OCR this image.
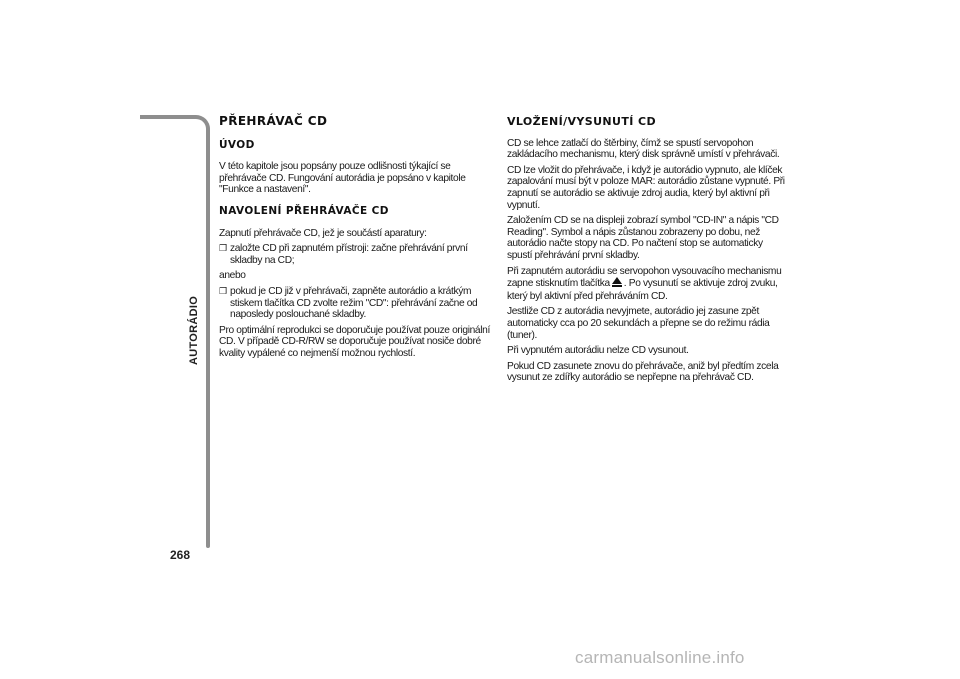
AUTORÁDIO
268
PŘEHRÁVAČ CD
ÚVOD

V této kapitole jsou popsány pouze odlišnosti týkající se přehrávače CD. Fungování autorádia je popsáno v kapitole "Funkce a nastavení".

NAVOLENÍ PŘEHRÁVAČE CD

Zapnutí přehrávače CD, jež je součástí aparatury:

❒ založte CD při zapnutém přístroji: začne přehrávání první skladby na CD;

anebo

❒ pokud je CD již v přehrávači, zapněte autorádio a krátkým stiskem tlačítka CD zvolte režim "CD": přehrávání začne od naposledy poslouchané skladby.

Pro optimální reprodukci se doporučuje používat pouze originální CD. V případě CD-R/RW se doporučuje používat nosiče dobré kvality vypálené co nejmenší možnou rychlostí.

VLOŽENÍ/VYSUNUTÍ CD

CD se lehce zatlačí do štěrbiny, čímž se spustí servopohon zakládacího mechanismu, který disk správně umístí v přehrávači.

CD lze vložit do přehrávače, i když je autorádio vypnuto, ale klíček zapalování musí být v poloze MAR: autorádio zůstane vypnuté. Při zapnutí se autorádio se aktivuje zdroj audia, který byl aktivní při vypnutí.

Založením CD se na displeji zobrazí symbol "CD-IN" a nápis "CD Reading". Symbol a nápis zůstanou zobrazeny po dobu, než autorádio načte stopy na CD. Po načtení stop se automaticky spustí přehrávání první skladby.

Při zapnutém autorádiu se servopohon vysouvacího mechanismu zapne stisknutím tlačítka . Po vysunutí se aktivuje zdroj zvuku, který byl aktivní před přehráváním CD.

Jestliže CD z autorádia nevyjmete, autorádio jej zasune zpět automaticky cca po 20 sekundách a přepne se do režimu rádia (tuner).

Při vypnutém autorádiu nelze CD vysunout.

Pokud CD zasunete znovu do přehrávače, aniž byl předtím zcela vysunut ze zdířky autorádio se nepřepne na přehrávač CD.

carmanualsonline.info
